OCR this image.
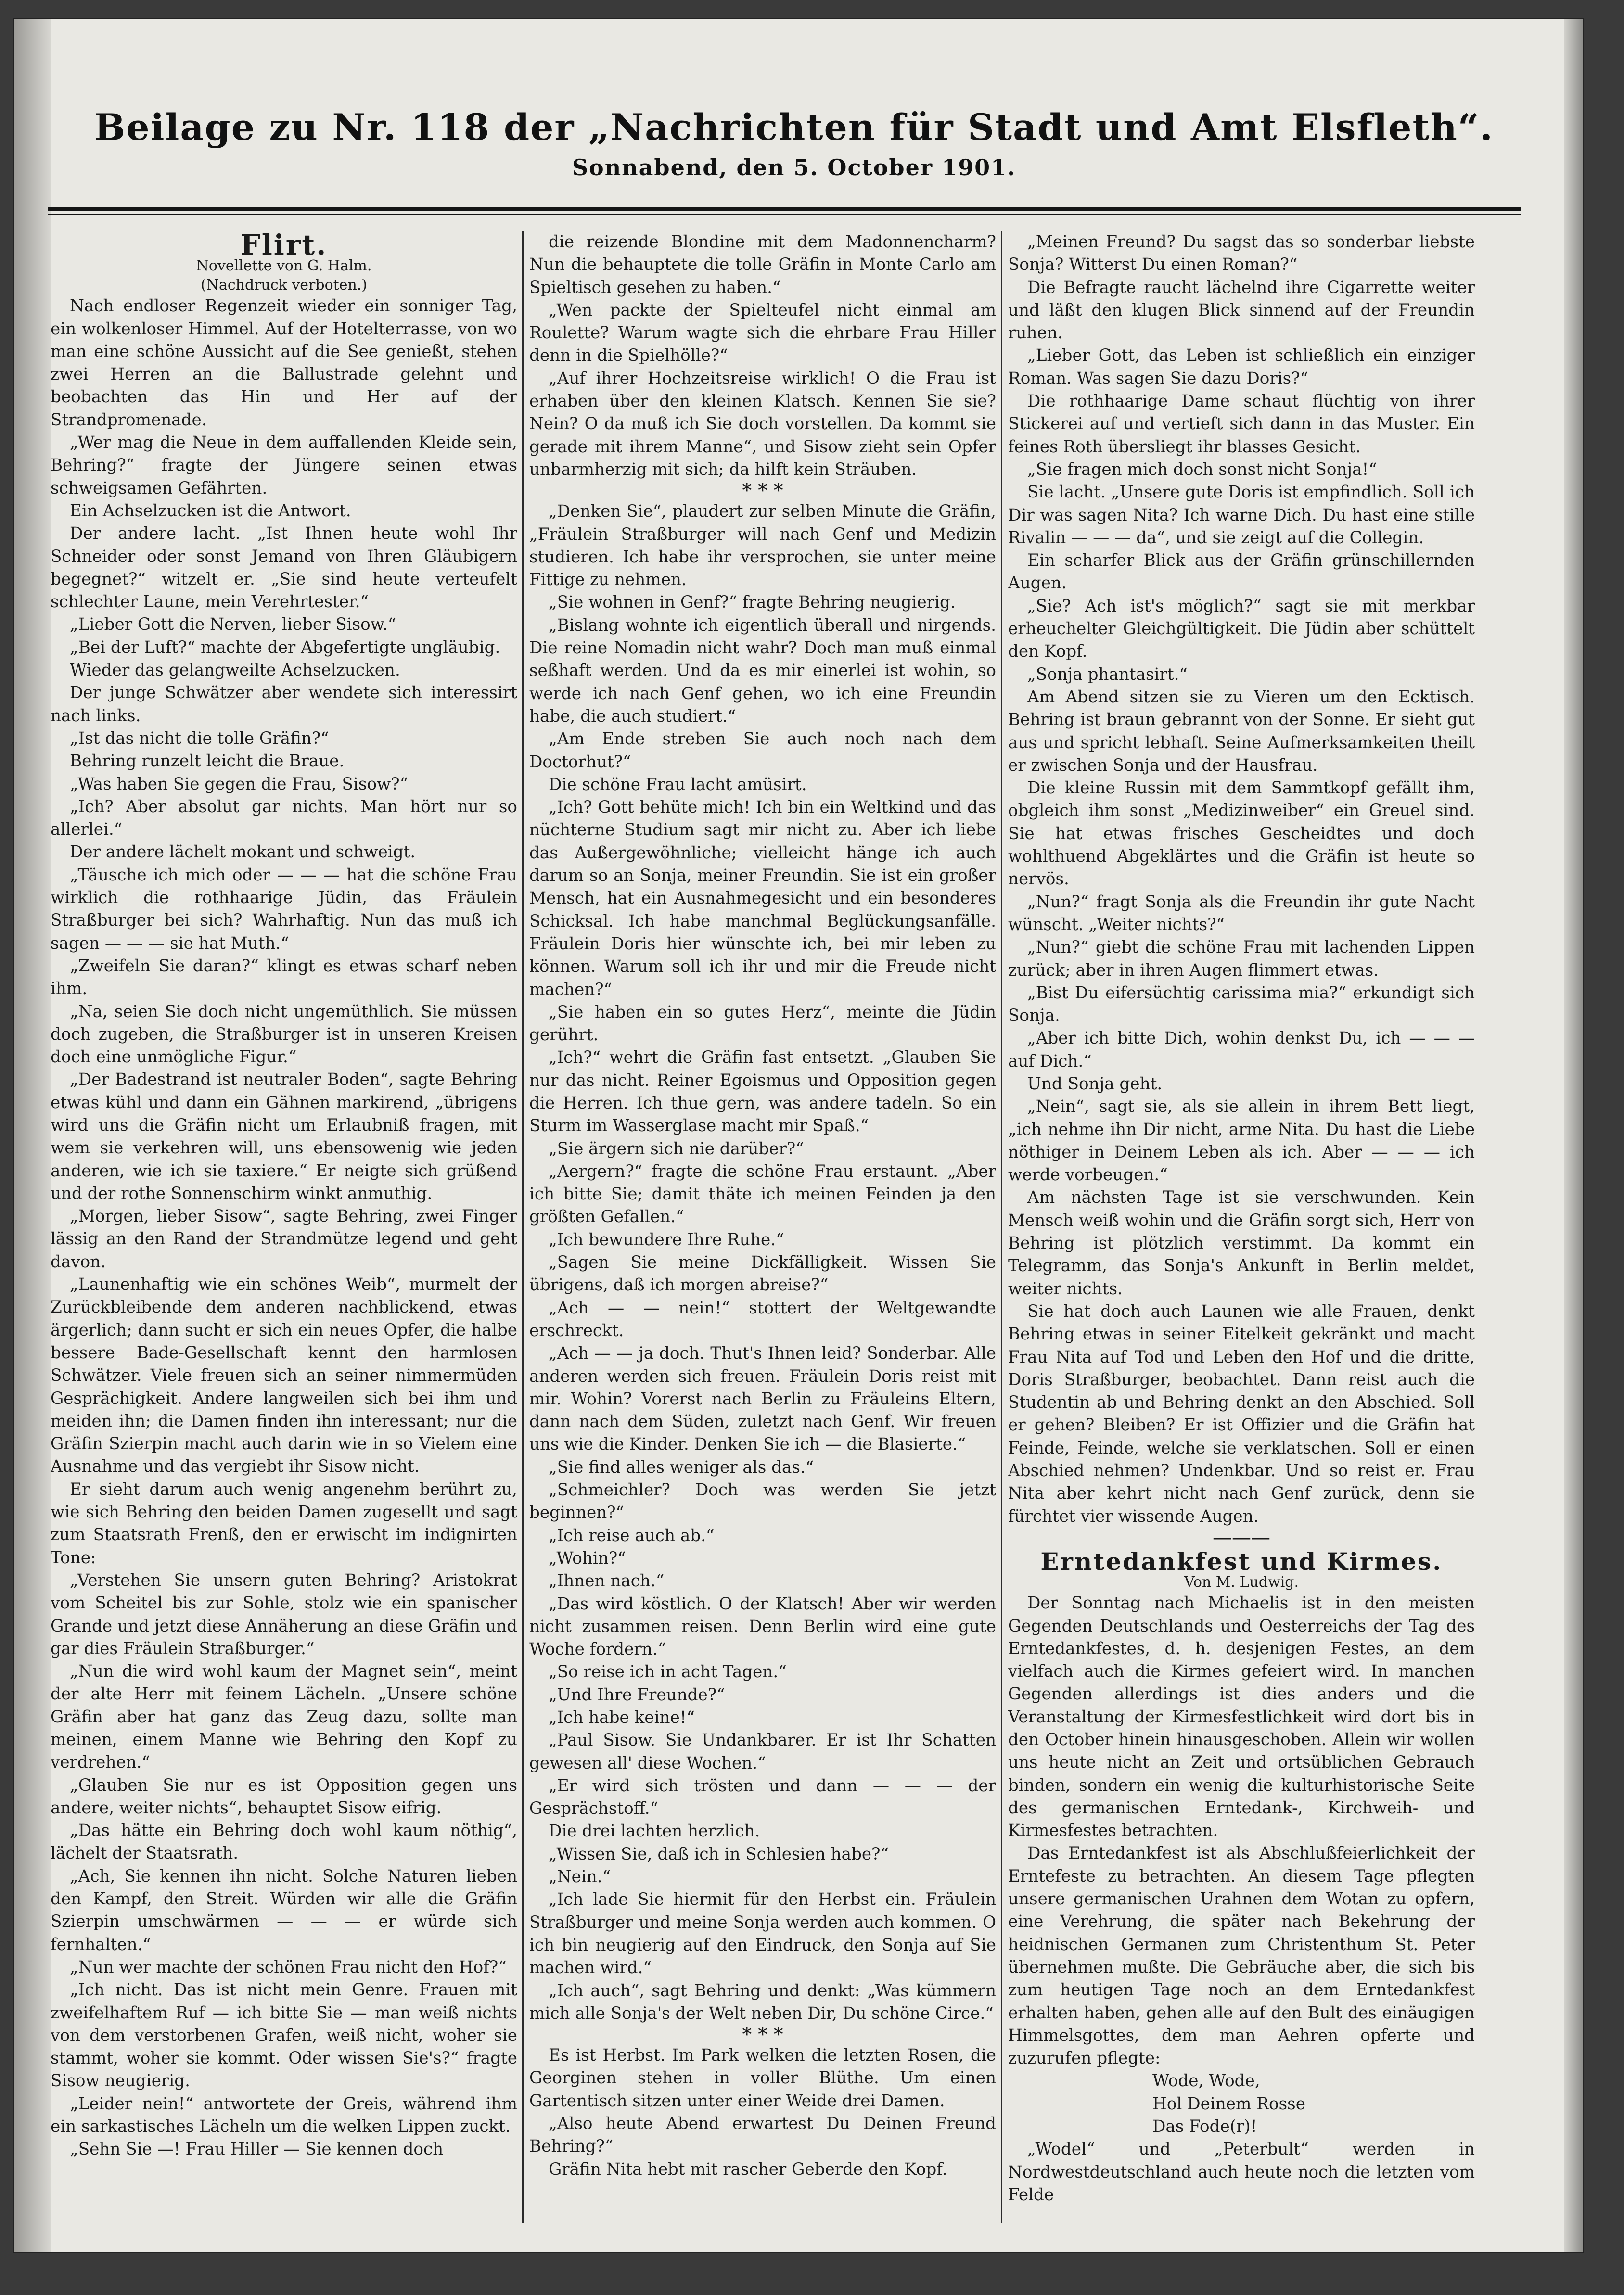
Beilage zu Nr. 118 der „Nachrichten für Stadt und Amt Elsfleth“.
Sonnabend, den 5. October 1901.
Flirt.
Novellette von G. Halm.
(Nachdruck verboten.)

Nach endloser Regenzeit wieder ein sonniger Tag, ein wolkenloser Himmel. Auf der Hotelterrasse, von wo man eine schöne Aussicht auf die See genießt, stehen zwei Herren an die Ballustrade gelehnt und beobachten das Hin und Her auf der Strandpromenade.

„Wer mag die Neue in dem auffallenden Kleide sein, Behring?“ fragte der Jüngere seinen etwas schweigsamen Gefährten.

Ein Achselzucken ist die Antwort.

Der andere lacht. „Ist Ihnen heute wohl Ihr Schneider oder sonst Jemand von Ihren Gläubigern begegnet?“ witzelt er. „Sie sind heute verteufelt schlechter Laune, mein Verehrtester.“

„Lieber Gott die Nerven, lieber Sisow.“

„Bei der Luft?“ machte der Abgefertigte ungläubig.

Wieder das gelangweilte Achselzucken.

Der junge Schwätzer aber wendete sich interessirt nach links.

„Ist das nicht die tolle Gräfin?“

Behring runzelt leicht die Braue.

„Was haben Sie gegen die Frau, Sisow?“

„Ich? Aber absolut gar nichts. Man hört nur so allerlei.“

Der andere lächelt mokant und schweigt.

„Täusche ich mich oder — — — hat die schöne Frau wirklich die rothhaarige Jüdin, das Fräulein Straßburger bei sich? Wahrhaftig. Nun das muß ich sagen — — — sie hat Muth.“

„Zweifeln Sie daran?“ klingt es etwas scharf neben ihm.

„Na, seien Sie doch nicht ungemüthlich. Sie müssen doch zugeben, die Straßburger ist in unseren Kreisen doch eine unmögliche Figur.“

„Der Badestrand ist neutraler Boden“, sagte Behring etwas kühl und dann ein Gähnen markirend, „übrigens wird uns die Gräfin nicht um Erlaubniß fragen, mit wem sie verkehren will, uns ebensowenig wie jeden anderen, wie ich sie taxiere.“ Er neigte sich grüßend und der rothe Sonnenschirm winkt anmuthig.

„Morgen, lieber Sisow“, sagte Behring, zwei Finger lässig an den Rand der Strandmütze legend und geht davon.

„Launenhaftig wie ein schönes Weib“, murmelt der Zurückbleibende dem anderen nachblickend, etwas ärgerlich; dann sucht er sich ein neues Opfer, die halbe bessere Bade-Gesellschaft kennt den harmlosen Schwätzer. Viele freuen sich an seiner nimmermüden Gesprächigkeit. Andere langweilen sich bei ihm und meiden ihn; die Damen finden ihn interessant; nur die Gräfin Szierpin macht auch darin wie in so Vielem eine Ausnahme und das vergiebt ihr Sisow nicht.

Er sieht darum auch wenig angenehm berührt zu, wie sich Behring den beiden Damen zugesellt und sagt zum Staatsrath Frenß, den er erwischt im indignirten Tone:

„Verstehen Sie unsern guten Behring? Aristokrat vom Scheitel bis zur Sohle, stolz wie ein spanischer Grande und jetzt diese Annäherung an diese Gräfin und gar dies Fräulein Straßburger.“

„Nun die wird wohl kaum der Magnet sein“, meint der alte Herr mit feinem Lächeln. „Unsere schöne Gräfin aber hat ganz das Zeug dazu, sollte man meinen, einem Manne wie Behring den Kopf zu verdrehen.“

„Glauben Sie nur es ist Opposition gegen uns andere, weiter nichts“, behauptet Sisow eifrig.

„Das hätte ein Behring doch wohl kaum nöthig“, lächelt der Staatsrath.

„Ach, Sie kennen ihn nicht. Solche Naturen lieben den Kampf, den Streit. Würden wir alle die Gräfin Szierpin umschwärmen — — — er würde sich fernhalten.“

„Nun wer machte der schönen Frau nicht den Hof?“

„Ich nicht. Das ist nicht mein Genre. Frauen mit zweifelhaftem Ruf — ich bitte Sie — man weiß nichts von dem verstorbenen Grafen, weiß nicht, woher sie stammt, woher sie kommt. Oder wissen Sie's?“ fragte Sisow neugierig.

„Leider nein!“ antwortete der Greis, während ihm ein sarkastisches Lächeln um die welken Lippen zuckt.

„Sehn Sie —! Frau Hiller — Sie kennen doch

die reizende Blondine mit dem Madonnencharm? Nun die behauptete die tolle Gräfin in Monte Carlo am Spieltisch gesehen zu haben.“

„Wen packte der Spielteufel nicht einmal am Roulette? Warum wagte sich die ehrbare Frau Hiller denn in die Spielhölle?“

„Auf ihrer Hochzeitsreise wirklich! O die Frau ist erhaben über den kleinen Klatsch. Kennen Sie sie? Nein? O da muß ich Sie doch vorstellen. Da kommt sie gerade mit ihrem Manne“, und Sisow zieht sein Opfer unbarmherzig mit sich; da hilft kein Sträuben.

* * *

„Denken Sie“, plaudert zur selben Minute die Gräfin, „Fräulein Straßburger will nach Genf und Medizin studieren. Ich habe ihr versprochen, sie unter meine Fittige zu nehmen.

„Sie wohnen in Genf?“ fragte Behring neugierig.

„Bislang wohnte ich eigentlich überall und nirgends. Die reine Nomadin nicht wahr? Doch man muß einmal seßhaft werden. Und da es mir einerlei ist wohin, so werde ich nach Genf gehen, wo ich eine Freundin habe, die auch studiert.“

„Am Ende streben Sie auch noch nach dem Doctorhut?“

Die schöne Frau lacht amüsirt.

„Ich? Gott behüte mich! Ich bin ein Weltkind und das nüchterne Studium sagt mir nicht zu. Aber ich liebe das Außergewöhnliche; vielleicht hänge ich auch darum so an Sonja, meiner Freundin. Sie ist ein großer Mensch, hat ein Ausnahmegesicht und ein besonderes Schicksal. Ich habe manchmal Beglückungsanfälle. Fräulein Doris hier wünschte ich, bei mir leben zu können. Warum soll ich ihr und mir die Freude nicht machen?“

„Sie haben ein so gutes Herz“, meinte die Jüdin gerührt.

„Ich?“ wehrt die Gräfin fast entsetzt. „Glauben Sie nur das nicht. Reiner Egoismus und Opposition gegen die Herren. Ich thue gern, was andere tadeln. So ein Sturm im Wasserglase macht mir Spaß.“

„Sie ärgern sich nie darüber?“

„Aergern?“ fragte die schöne Frau erstaunt. „Aber ich bitte Sie; damit thäte ich meinen Feinden ja den größten Gefallen.“

„Ich bewundere Ihre Ruhe.“

„Sagen Sie meine Dickfälligkeit. Wissen Sie übrigens, daß ich morgen abreise?“

„Ach — — nein!“ stottert der Weltgewandte erschreckt.

„Ach — — ja doch. Thut's Ihnen leid? Sonderbar. Alle anderen werden sich freuen. Fräulein Doris reist mit mir. Wohin? Vorerst nach Berlin zu Fräuleins Eltern, dann nach dem Süden, zuletzt nach Genf. Wir freuen uns wie die Kinder. Denken Sie ich — die Blasierte.“

„Sie find alles weniger als das.“

„Schmeichler? Doch was werden Sie jetzt beginnen?“

„Ich reise auch ab.“

„Wohin?“

„Ihnen nach.“

„Das wird köstlich. O der Klatsch! Aber wir werden nicht zusammen reisen. Denn Berlin wird eine gute Woche fordern.“

„So reise ich in acht Tagen.“

„Und Ihre Freunde?“

„Ich habe keine!“

„Paul Sisow. Sie Undankbarer. Er ist Ihr Schatten gewesen all' diese Wochen.“

„Er wird sich trösten und dann — — — der Gesprächstoff.“

Die drei lachten herzlich.

„Wissen Sie, daß ich in Schlesien habe?“

„Nein.“

„Ich lade Sie hiermit für den Herbst ein. Fräulein Straßburger und meine Sonja werden auch kommen. O ich bin neugierig auf den Eindruck, den Sonja auf Sie machen wird.“

„Ich auch“, sagt Behring und denkt: „Was kümmern mich alle Sonja's der Welt neben Dir, Du schöne Circe.“

* * *

Es ist Herbst. Im Park welken die letzten Rosen, die Georginen stehen in voller Blüthe. Um einen Gartentisch sitzen unter einer Weide drei Damen.

„Also heute Abend erwartest Du Deinen Freund Behring?“

Gräfin Nita hebt mit rascher Geberde den Kopf.

„Meinen Freund? Du sagst das so sonderbar liebste Sonja? Witterst Du einen Roman?“

Die Befragte raucht lächelnd ihre Cigarrette weiter und läßt den klugen Blick sinnend auf der Freundin ruhen.

„Lieber Gott, das Leben ist schließlich ein einziger Roman. Was sagen Sie dazu Doris?“

Die rothhaarige Dame schaut flüchtig von ihrer Stickerei auf und vertieft sich dann in das Muster. Ein feines Roth übersliegt ihr blasses Gesicht.

„Sie fragen mich doch sonst nicht Sonja!“

Sie lacht. „Unsere gute Doris ist empfindlich. Soll ich Dir was sagen Nita? Ich warne Dich. Du hast eine stille Rivalin — — — da“, und sie zeigt auf die Collegin.

Ein scharfer Blick aus der Gräfin grünschillernden Augen.

„Sie? Ach ist's möglich?“ sagt sie mit merkbar erheuchelter Gleichgültigkeit. Die Jüdin aber schüttelt den Kopf.

„Sonja phantasirt.“

Am Abend sitzen sie zu Vieren um den Ecktisch. Behring ist braun gebrannt von der Sonne. Er sieht gut aus und spricht lebhaft. Seine Aufmerksamkeiten theilt er zwischen Sonja und der Hausfrau.

Die kleine Russin mit dem Sammtkopf gefällt ihm, obgleich ihm sonst „Medizinweiber“ ein Greuel sind. Sie hat etwas frisches Gescheidtes und doch wohlthuend Abgeklärtes und die Gräfin ist heute so nervös.

„Nun?“ fragt Sonja als die Freundin ihr gute Nacht wünscht. „Weiter nichts?“

„Nun?“ giebt die schöne Frau mit lachenden Lippen zurück; aber in ihren Augen flimmert etwas.

„Bist Du eifersüchtig carissima mia?“ erkundigt sich Sonja.

„Aber ich bitte Dich, wohin denkst Du, ich — — — auf Dich.“

Und Sonja geht.

„Nein“, sagt sie, als sie allein in ihrem Bett liegt, „ich nehme ihn Dir nicht, arme Nita. Du hast die Liebe nöthiger in Deinem Leben als ich. Aber — — — ich werde vorbeugen.“

Am nächsten Tage ist sie verschwunden. Kein Mensch weiß wohin und die Gräfin sorgt sich, Herr von Behring ist plötzlich verstimmt. Da kommt ein Telegramm, das Sonja's Ankunft in Berlin meldet, weiter nichts.

Sie hat doch auch Launen wie alle Frauen, denkt Behring etwas in seiner Eitelkeit gekränkt und macht Frau Nita auf Tod und Leben den Hof und die dritte, Doris Straßburger, beobachtet. Dann reist auch die Studentin ab und Behring denkt an den Abschied. Soll er gehen? Bleiben? Er ist Offizier und die Gräfin hat Feinde, Feinde, welche sie verklatschen. Soll er einen Abschied nehmen? Undenkbar. Und so reist er. Frau Nita aber kehrt nicht nach Genf zurück, denn sie fürchtet vier wissende Augen.

———
Erntedankfest und Kirmes.
Von M. Ludwig.

Der Sonntag nach Michaelis ist in den meisten Gegenden Deutschlands und Oesterreichs der Tag des Erntedankfestes, d. h. desjenigen Festes, an dem vielfach auch die Kirmes gefeiert wird. In manchen Gegenden allerdings ist dies anders und die Veranstaltung der Kirmesfestlichkeit wird dort bis in den October hinein hinausgeschoben. Allein wir wollen uns heute nicht an Zeit und ortsüblichen Gebrauch binden, sondern ein wenig die kulturhistorische Seite des germanischen Erntedank-, Kirchweih- und Kirmesfestes betrachten.

Das Erntedankfest ist als Abschlußfeierlichkeit der Erntefeste zu betrachten. An diesem Tage pflegten unsere germanischen Urahnen dem Wotan zu opfern, eine Verehrung, die später nach Bekehrung der heidnischen Germanen zum Christenthum St. Peter übernehmen mußte. Die Gebräuche aber, die sich bis zum heutigen Tage noch an dem Erntedankfest erhalten haben, gehen alle auf den Bult des einäugigen Himmelsgottes, dem man Aehren opferte und zuzurufen pflegte:

Wode, Wode,

Hol Deinem Rosse

Das Fode(r)!

„Wodel“ und „Peterbult“ werden in Nordwestdeutschland auch heute noch die letzten vom Felde
